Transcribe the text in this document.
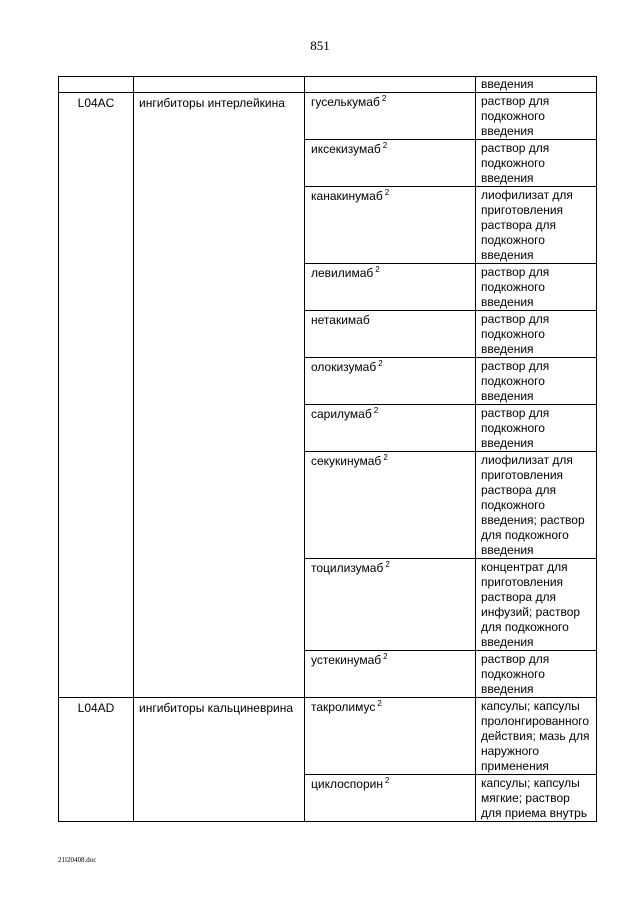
851
			введения
L04AC	ингибиторы интерлейкина	гуселькумаб $^2$	раствор для подкожного введения
		иксекизумаб $^2$	раствор для подкожного введения
		канакинумаб $^2$	лиофилизат для приготовления раствора для подкожного введения
		левилимаб $^2$	раствор для подкожного введения
		нетакимаб	раствор для подкожного введения
		олокизумаб $^2$	раствор для подкожного введения
		сарилумаб $^2$	раствор для подкожного введения
		секукинумаб $^2$	лиофилизат для приготовления раствора для подкожного введения; раствор для подкожного введения
		тоцилизумаб $^2$	концентрат для приготовления раствора для инфузий; раствор для подкожного введения
		устекинумаб $^2$	раствор для подкожного введения
L04AD	ингибиторы кальциневрина	такролимус $^2$	капсулы; капсулы пролонгированного действия; мазь для наружного применения
		циклоспорин $^2$	капсулы; капсулы мягкие; раствор для приема внутрь
21l20408.doc
